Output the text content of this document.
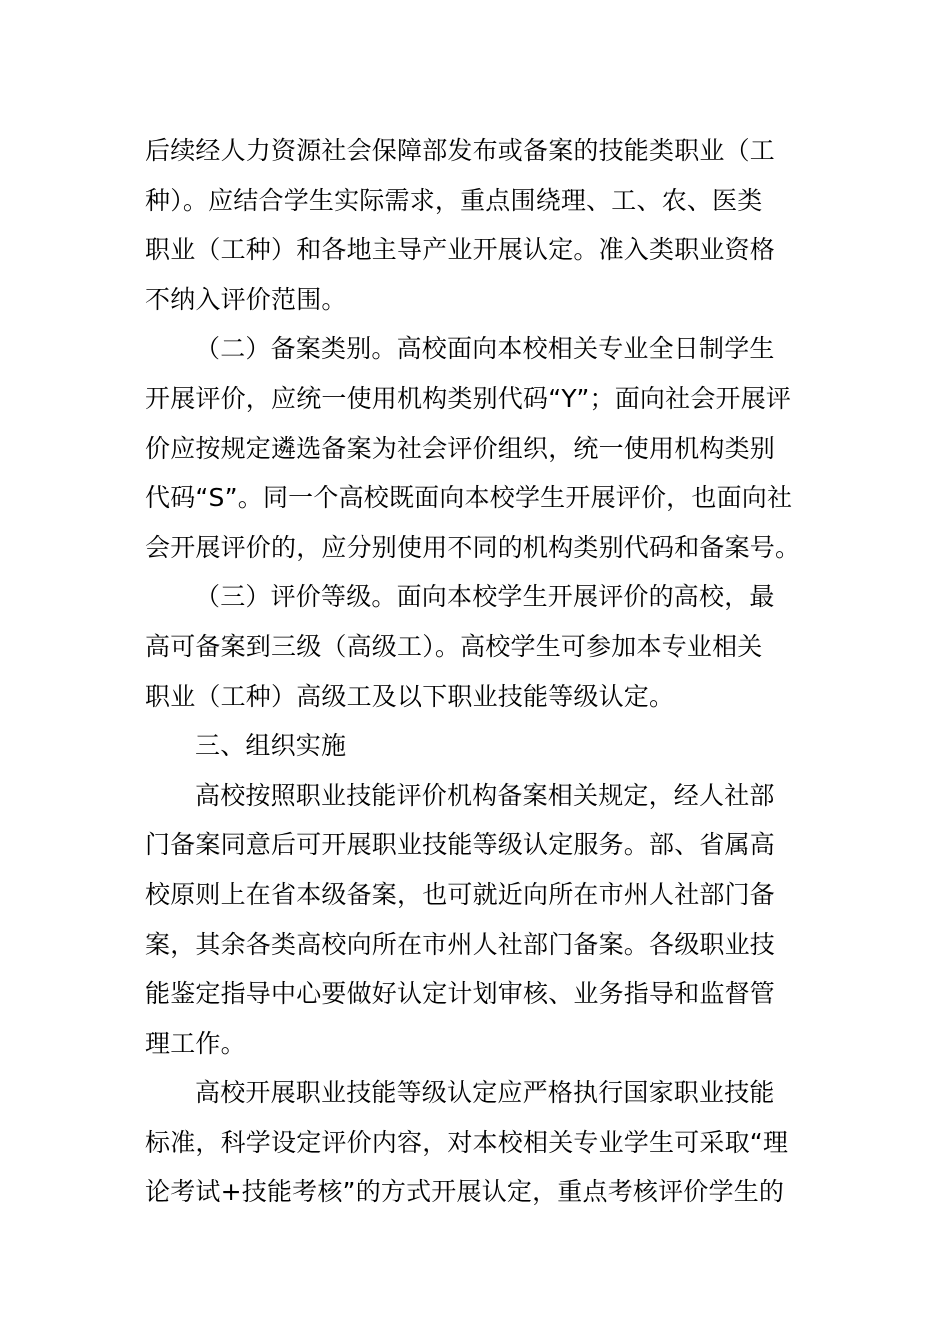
后续经人力资源社会保障部发布或备案的技能类职业（工
种）。应结合学生实际需求，重点围绕理、工、农、医类
职业（工种）和各地主导产业开展认定。准入类职业资格
不纳入评价范围。
（二）备案类别。高校面向本校相关专业全日制学生
开展评价，应统一使用机构类别代码“Y”；面向社会开展评
价应按规定遴选备案为社会评价组织，统一使用机构类别
代码“S”。同一个高校既面向本校学生开展评价，也面向社
会开展评价的，应分别使用不同的机构类别代码和备案号。
（三）评价等级。面向本校学生开展评价的高校，最
高可备案到三级（高级工）。高校学生可参加本专业相关
职业（工种）高级工及以下职业技能等级认定。
三、组织实施
高校按照职业技能评价机构备案相关规定，经人社部
门备案同意后可开展职业技能等级认定服务。部、省属高
校原则上在省本级备案，也可就近向所在市州人社部门备
案，其余各类高校向所在市州人社部门备案。各级职业技
能鉴定指导中心要做好认定计划审核、业务指导和监督管
理工作。
高校开展职业技能等级认定应严格执行国家职业技能
标准，科学设定评价内容，对本校相关专业学生可采取“理
论考试+技能考核”的方式开展认定，重点考核评价学生的
